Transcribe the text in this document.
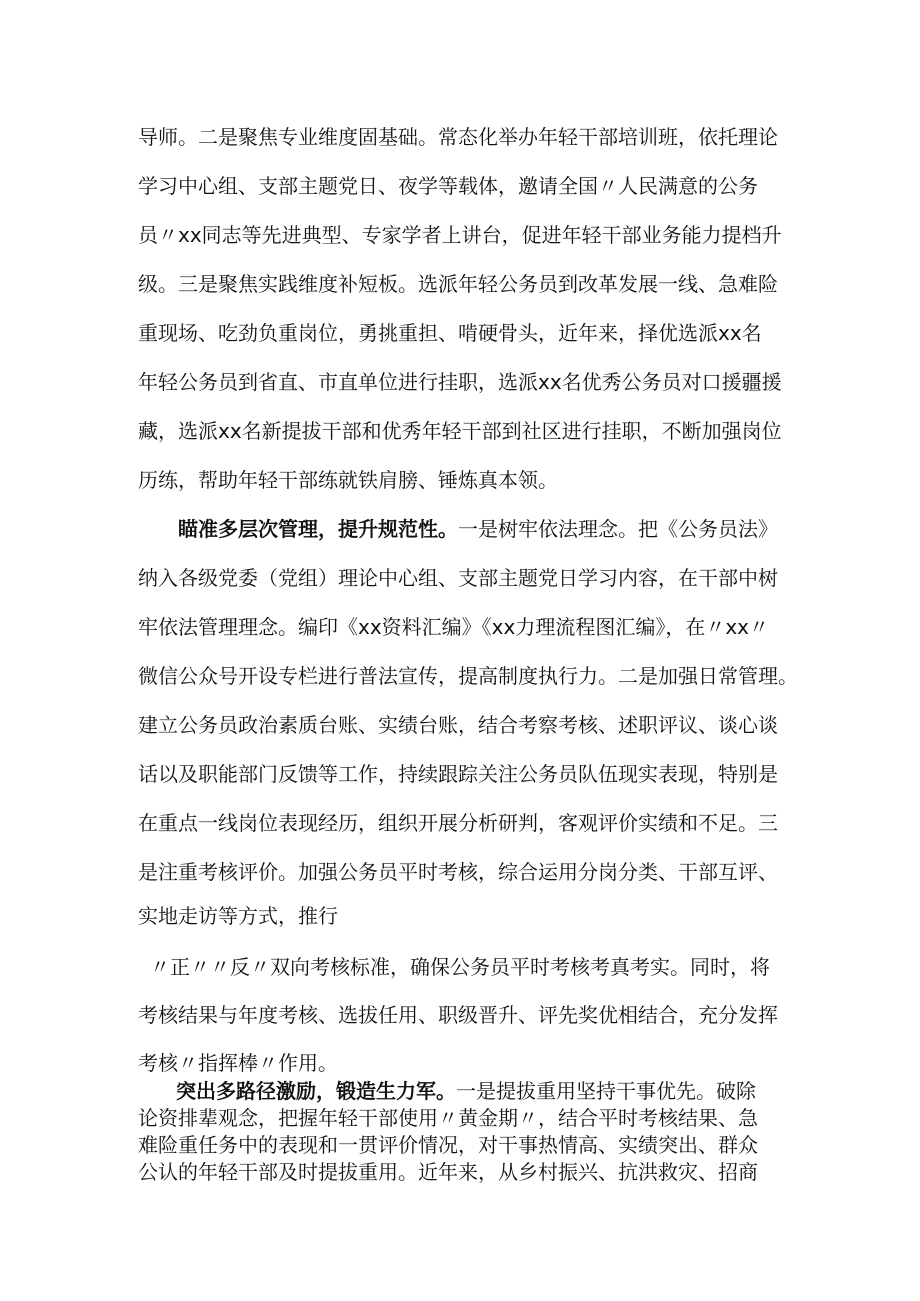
导师。二是聚焦专业维度固基础。常态化举办年轻干部培训班，依托理论
学习中心组、支部主题党日、夜学等载体，邀请全国〃人民满意的公务
员〃xx同志等先进典型、专家学者上讲台，促进年轻干部业务能力提档升
级。三是聚焦实践维度补短板。选派年轻公务员到改革发展一线、急难险
重现场、吃劲负重岗位，勇挑重担、啃硬骨头，近年来，择优选派xx名
年轻公务员到省直、市直单位进行挂职，选派xx名优秀公务员对口援疆援
藏，选派xx名新提拔干部和优秀年轻干部到社区进行挂职，不断加强岗位
历练，帮助年轻干部练就铁肩膀、锤炼真本领。
瞄准多层次管理，提升规范性。一是树牢依法理念。把《公务员法》
纳入各级党委（党组）理论中心组、支部主题党日学习内容，在干部中树
牢依法管理理念。编印《xx资料汇编》《xx力理流程图汇编》，在〃xx〃
微信公众号开设专栏进行普法宣传，提高制度执行力。二是加强日常管理。
建立公务员政治素质台账、实绩台账，结合考察考核、述职评议、谈心谈
话以及职能部门反馈等工作，持续跟踪关注公务员队伍现实表现，特别是
在重点一线岗位表现经历，组织开展分析研判，客观评价实绩和不足。三
是注重考核评价。加强公务员平时考核，综合运用分岗分类、干部互评、
实地走访等方式，推行
〃正〃〃反〃双向考核标准，确保公务员平时考核考真考实。同时，将
考核结果与年度考核、选拔任用、职级晋升、评先奖优相结合，充分发挥
考核〃指挥棒〃作用。
突出多路径激励，锻造生力军。一是提拔重用坚持干事优先。破除
论资排辈观念，把握年轻干部使用〃黄金期〃，结合平时考核结果、急
难险重任务中的表现和一贯评价情况，对干事热情高、实绩突出、群众
公认的年轻干部及时提拔重用。近年来，从乡村振兴、抗洪救灾、招商
